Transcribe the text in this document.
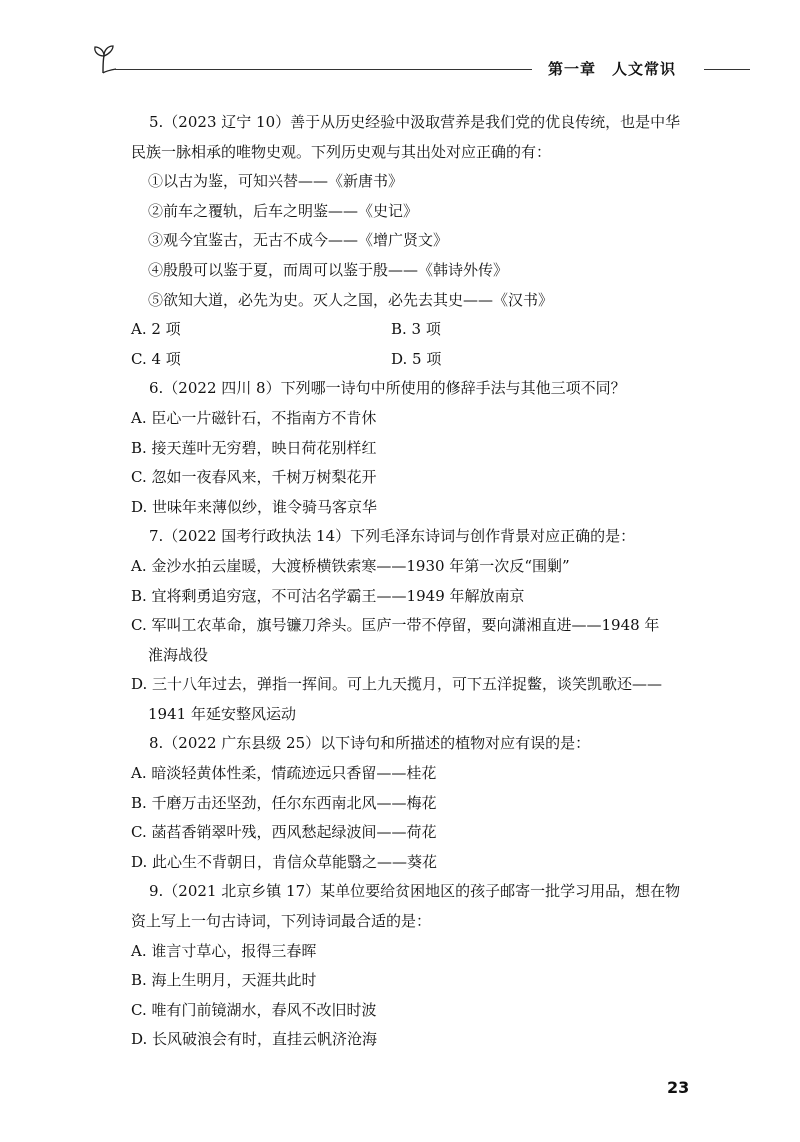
第一章　人文常识
5.（2023 辽宁 10）善于从历史经验中汲取营养是我们党的优良传统，也是中华
民族一脉相承的唯物史观。下列历史观与其出处对应正确的有：
①以古为鉴，可知兴替——《新唐书》
②前车之覆轨，后车之明鉴——《史记》
③观今宜鉴古，无古不成今——《增广贤文》
④殷殷可以鉴于夏，而周可以鉴于殷——《韩诗外传》
⑤欲知大道，必先为史。灭人之国，必先去其史——《汉书》
A. 2 项	B. 3 项
C. 4 项	D. 5 项
6.（2022 四川 8）下列哪一诗句中所使用的修辞手法与其他三项不同？
A. 臣心一片磁针石，不指南方不肯休
B. 接天莲叶无穷碧，映日荷花别样红
C. 忽如一夜春风来，千树万树梨花开
D. 世味年来薄似纱，谁令骑马客京华
7.（2022 国考行政执法 14）下列毛泽东诗词与创作背景对应正确的是：
A. 金沙水拍云崖暖，大渡桥横铁索寒——1930 年第一次反“围剿”
B. 宜将剩勇追穷寇，不可沽名学霸王——1949 年解放南京
C. 军叫工农革命，旗号镰刀斧头。匡庐一带不停留，要向潇湘直进——1948 年
淮海战役
D. 三十八年过去，弹指一挥间。可上九天揽月，可下五洋捉鳖，谈笑凯歌还——
1941 年延安整风运动
8.（2022 广东县级 25）以下诗句和所描述的植物对应有误的是：
A. 暗淡轻黄体性柔，情疏迹远只香留——桂花
B. 千磨万击还坚劲，任尔东西南北风——梅花
C. 菡萏香销翠叶残，西风愁起绿波间——荷花
D. 此心生不背朝日，肯信众草能翳之——葵花
9.（2021 北京乡镇 17）某单位要给贫困地区的孩子邮寄一批学习用品，想在物
资上写上一句古诗词，下列诗词最合适的是：
A. 谁言寸草心，报得三春晖
B. 海上生明月，天涯共此时
C. 唯有门前镜湖水，春风不改旧时波
D. 长风破浪会有时，直挂云帆济沧海
23
